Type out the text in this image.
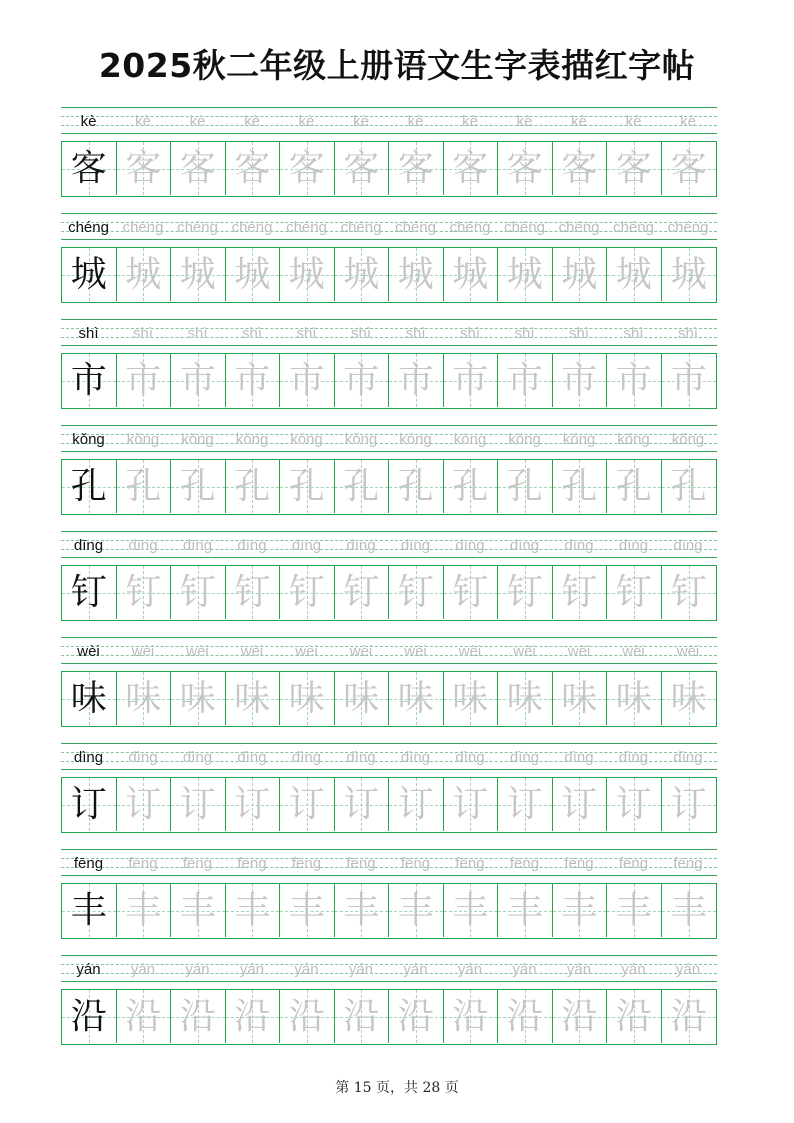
2025秋二年级上册语文生字表描红字帖
kè	kè	kè	kè	kè	kè	kè	kè	kè	kè	kè	kè
客 客 客 客 客 客 客 客 客 客 客 客
chéng chéng chéng chéng chéng chéng chéng chéng chéng chéng chéng chéng
城 城 城 城 城 城 城 城 城 城 城 城
shì	shì	shì	shì	shì	shì	shì	shì	shì	shì	shì	shì
市 市 市 市 市 市 市 市 市 市 市 市
kǒng	kǒng	kǒng	kǒng	kǒng	kǒng	kǒng	kǒng	kǒng	kǒng	kǒng	kǒng
孔 孔 孔 孔 孔 孔 孔 孔 孔 孔 孔 孔
dīng	dīng	dīng	dīng	dīng	dīng	dīng	dīng	dīng	dīng	dīng	dīng
钉 钉 钉 钉 钉 钉 钉 钉 钉 钉 钉 钉
wèi	wèi	wèi	wèi	wèi	wèi	wèi	wèi	wèi	wèi	wèi	wèi
味 味 味 味 味 味 味 味 味 味 味 味
dìng	dìng	dìng	dìng	dìng	dìng	dìng	dìng	dìng	dìng	dìng	dìng
订 订 订 订 订 订 订 订 订 订 订 订
fēng	fēng	fēng	fēng	fēng	fēng	fēng	fēng	fēng	fēng	fēng	fēng
丰 丰 丰 丰 丰 丰 丰 丰 丰 丰 丰 丰
yán	yán	yán	yán	yán	yán	yán	yán	yán	yán	yán	yán
沿 沿 沿 沿 沿 沿 沿 沿 沿 沿 沿 沿
第 15 页，共 28 页
